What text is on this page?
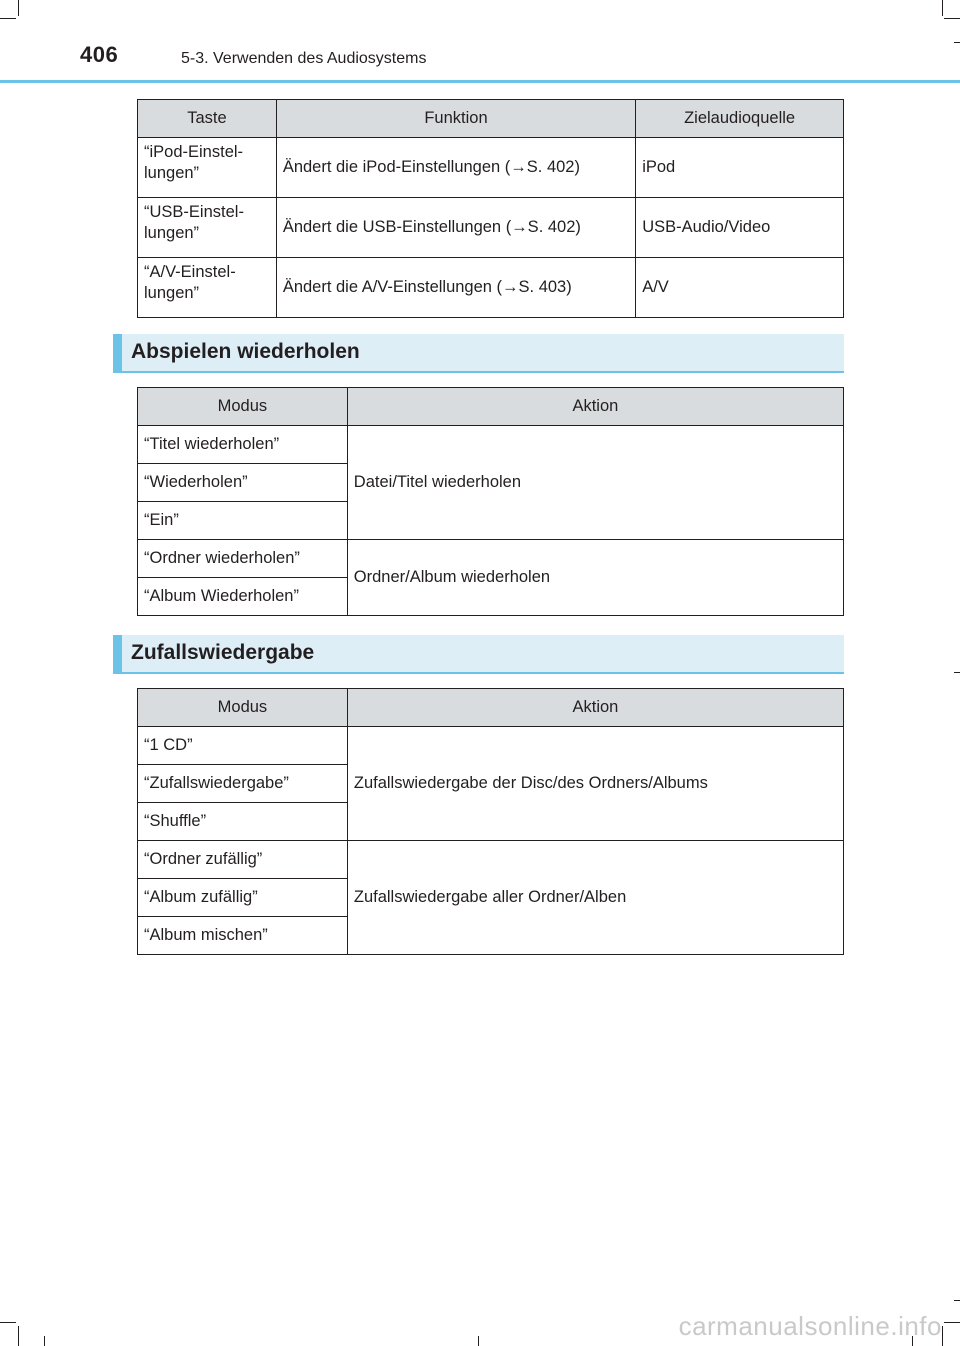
406	5-3. Verwenden des Audiosystems
Taste	Funktion	Zielaudioquelle
“iPod-Einstel-
lungen”	Ändert die iPod-Einstellungen (→S. 402)	iPod
“USB-Einstel-
lungen”	Ändert die USB-Einstellungen (→S. 402)	USB-Audio/Video
“A/V-Einstel-
lungen”	Ändert die A/V-Einstellungen (→S. 403)	A/V
Abspielen wiederholen
Modus	Aktion
“Titel wiederholen”	Datei/Titel wiederholen
“Wiederholen”	
“Ein”	
“Ordner wiederholen”	Ordner/Album wiederholen
“Album Wiederholen”	
Zufallswiedergabe
Modus	Aktion
“1 CD”	Zufallswiedergabe der Disc/des Ordners/Albums
“Zufallswiedergabe”	
“Shuffle”	
“Ordner zufällig”	Zufallswiedergabe aller Ordner/Alben
“Album zufällig”	
“Album mischen”	
carmanualsonline.info
